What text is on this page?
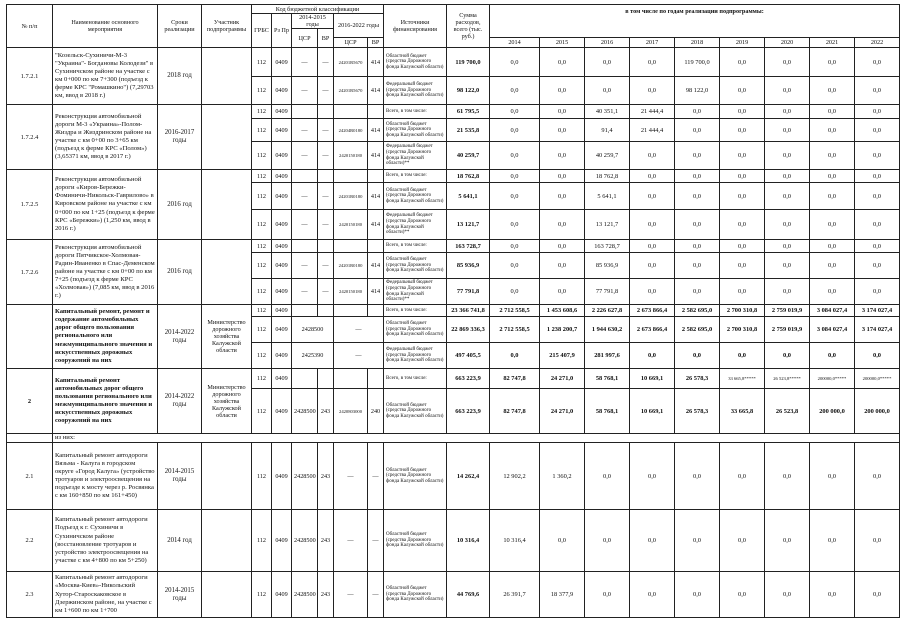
№ п/п	Наименование основного мероприятия	Сроки реализации	Участник подпрограммы	Код бюджетной классификации						Источники финансирования	Сумма расходов, всего (тыс. руб.)	в том числе по годам реализации подпрограммы:								
				ГРБС	Рз Пр	2014-2015 годы		2016-2022 годы												
						ЦСР	ВР													
								ЦСР	ВР			2014	2015	2016	2017	2018	2019	2020	2021	2022
1.7.2.1	"Козельск-Сухиничи-М-3 "Украина"- Богдановы Колодези" в Сухиничском районе на участке с км 0+000 по км 7+300 (подъезд к ферме КРС "Ромашкино") (7,29703 км, ввод в 2018 г.)	2018 год		112	0409	—	—	24201R5670	414	Областной бюджет (средства Дорожного фонда Калужской области)	119 700,0	0,0	0,0	0,0	0,0	119 700,0	0,0	0,0	0,0	0,0
				112	0409	—	—	24201R5670	414	Федеральный бюджет (средства Дорожного фонда Калужской области)	98 122,0	0,0	0,0	0,0	0,0	98 122,0	0,0	0,0	0,0	0,0
1.7.2.4	Реконструкция автомобильной дороги М-3 «Украина»-Полом-Жиздра и Жиздринском районе на участке с км 0+00 по 3+65 км (подъезд к ферме КРС «Полом») (3,65371 км, ввод в 2017 г.)	2016-2017 годы		112	0409					Всего, в том числе:	61 795,5	0,0	0,0	40 351,1	21 444,4	0,0	0,0	0,0	0,0	0,0
				112	0409	—	—	24204R0180	414	Областной бюджет (средства Дорожного фонда Калужской области)	21 535,8	0,0	0,0	91,4	21 444,4	0,0	0,0	0,0	0,0	0,0
				112	0409	—	—	2420150180	414	Федеральный бюджет (средства Дорожного фонда Калужской области)**	40 259,7	0,0	0,0	40 259,7	0,0	0,0	0,0	0,0	0,0	0,0
1.7.2.5	Реконструкция автомобильной дороги «Киров-Бережки-Фоминичи-Никольск-Гаврилово» в Кировском районе на участке с км 0+000 по км 1+25 (подъезд к ферме КРС «Бережки») (1,250 км, ввод в 2016 г.)	2016 год		112	0409					Всего, в том числе:	18 762,8	0,0	0,0	18 762,8	0,0	0,0	0,0	0,0	0,0	0,0
				112	0409	—	—	24201R0180	414	Областной бюджет (средства Дорожного фонда Калужской области)	5 641,1	0,0	0,0	5 641,1	0,0	0,0	0,0	0,0	0,0	0,0
				112	0409	—	—	2420150180	414	Федеральный бюджет (средства Дорожного фонда Калужской области)**	13 121,7	0,0	0,0	13 121,7	0,0	0,0	0,0	0,0	0,0	0,0
1.7.2.6	Реконструкция автомобильной дороги Пятчикское-Холмовая-Радин-Иваненко в Спас-Деменском районе на участке с км 0+00 по км 7+25 (подъезд к ферме КРС «Холмовая») (7,085 км, ввод в 2016 г.)	2016 год		112	0409					Всего, в том числе:	163 728,7	0,0	0,0	163 728,7	0,0	0,0	0,0	0,0	0,0	0,0
				112	0409	—	—	24201R0180	414	Областной бюджет (средства Дорожного фонда Калужской области)	85 936,9	0,0	0,0	85 936,9	0,0	0,0	0,0	0,0	0,0	0,0
				112	0409	—	—	2420150180	414	Федеральный бюджет (средства Дорожного фонда Калужской области)**	77 791,8	0,0	0,0	77 791,8	0,0	0,0	0,0	0,0	0,0	0,0
	Капитальный ремонт, ремонт и содержание автомобильных дорог общего пользования регионального или межмуниципального значения и искусственных дорожных сооружений на них	2014-2022 годы	Министерство дорожного хозяйства Калужской области	112	0409					Всего, в том числе:	23 366 741,8	2 712 558,5	1 453 608,6	2 226 627,8	2 673 866,4	2 582 695,0	2 700 310,8	2 759 019,9	3 084 027,4	3 174 027,4
				112	0409	2428500		—		Областной бюджет (средства Дорожного фонда Калужской области)	22 869 336,3	2 712 558,5	1 238 200,7	1 944 630,2	2 673 866,4	2 582 695,0	2 700 310,8	2 759 019,9	3 084 027,4	3 174 027,4
				112	0409	2425390		—		Федеральный бюджет (средства Дорожного фонда Калужской области)	497 405,5	0,0	215 407,9	281 997,6	0,0	0,0	0,0	0,0	0,0	0,0
2	Капитальный ремонт автомобильных дорог общего пользования регионального или межмуниципального значения и искусственных дорожных сооружений на них	2014-2022 годы	Министерство дорожного хозяйства Калужской области	112	0409					Всего, в том числе:	663 223,9	82 747,8	24 271,0	58 768,1	10 669,1	26 578,3	33 665,8*****	26 523,8*****	200000,0*****	200000,0*****
				112	0409	2428500	243	2420803000	240	Областной бюджет (средства Дорожного фонда Калужской области)	663 223,9	82 747,8	24 271,0	58 768,1	10 669,1	26 578,3	33 665,8	26 523,8	200 000,0	200 000,0
	из них:																			
2.1	Капитальный ремонт автодороги Вязьма - Калуга в городском округе «Город Калуга» (устройство тротуаров и электроосвещения на подъезде к мосту через р. Росвянка с км 160+850 по км 161+450)	2014-2015 годы		112	0409	2428500	243	—	—	Областной бюджет (средства Дорожного фонда Калужской области)	14 262,4	12 902,2	1 360,2	0,0	0,0	0,0	0,0	0,0	0,0	0,0
2.2	Капитальный ремонт автодороги Подъезд к г. Сухиничи в Сухиничском районе (восстановление тротуаров и устройство электроосвещения на участке с км 4+800 по км 5+250)	2014 год		112	0409	2428500	243	—	—	Областной бюджет (средства Дорожного фонда Калужской области)	10 316,4	10 316,4	0,0	0,0	0,0	0,0	0,0	0,0	0,0	0,0
2.3	Капитальный ремонт автодороги «Москва-Киев»-Никольский Хутор-Староскаковское в Дзержинском районе, на участке с км 1+600 по км 1+700	2014-2015 годы		112	0409	2428500	243	—	—	Областной бюджет (средства Дорожного фонда Калужской области)	44 769,6	26 391,7	18 377,9	0,0	0,0	0,0	0,0	0,0	0,0	0,0
